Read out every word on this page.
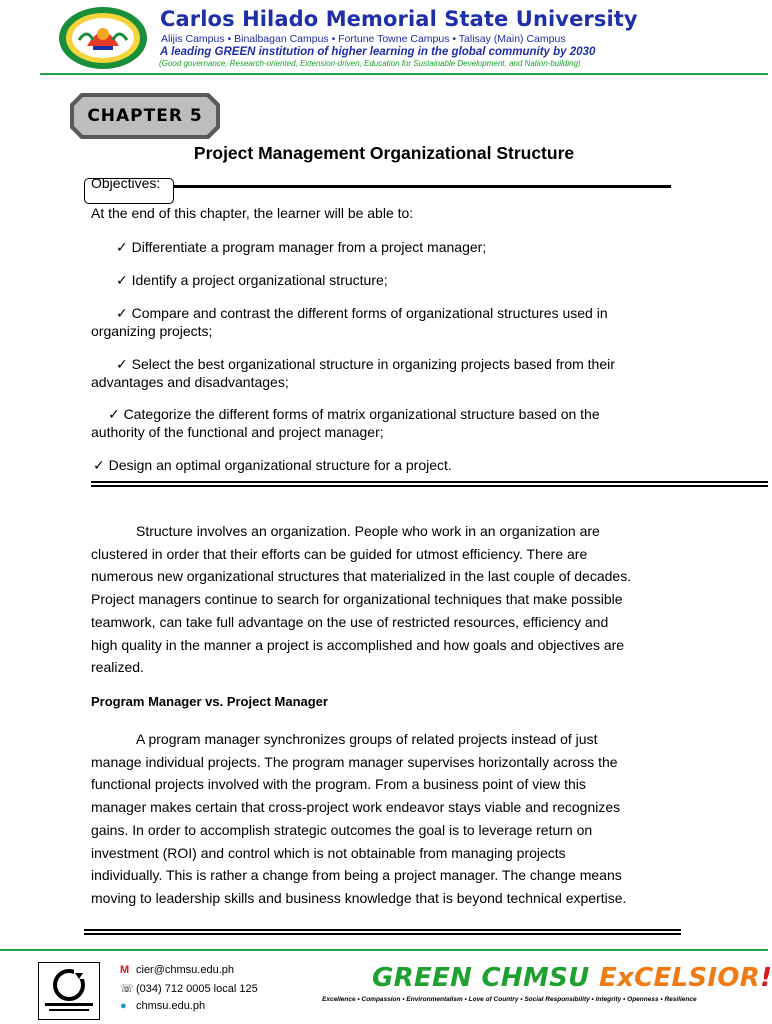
Carlos Hilado Memorial State University
Alijis Campus • Binalbagan Campus • Fortune Towne Campus • Talisay (Main) Campus
A leading GREEN institution of higher learning in the global community by 2030
(Good governance, Research-oriented, Extension-driven, Education for Sustainable Development, and Nation-building)
CHAPTER 5
Project Management Organizational Structure
Objectives:
At the end of this chapter, the learner will be able to:
✓ Differentiate a program manager from a project manager;
✓ Identify a project organizational structure;
✓ Compare and contrast the different forms of organizational structures used in
organizing projects;
✓ Select the best organizational structure in organizing projects based from their
advantages and disadvantages;
✓ Categorize the different forms of matrix organizational structure based on the
authority of the functional and project manager;
✓ Design an optimal organizational structure for a project.
Structure involves an organization. People who work in an organization are
clustered in order that their efforts can be guided for utmost efficiency. There are
numerous new organizational structures that materialized in the last couple of decades.
Project managers continue to search for organizational techniques that make possible
teamwork, can take full advantage on the use of restricted resources, efficiency and
high quality in the manner a project is accomplished and how goals and objectives are
realized.
Program Manager vs. Project Manager
A program manager synchronizes groups of related projects instead of just
manage individual projects. The program manager supervises horizontally across the
functional projects involved with the program. From a business point of view this
manager makes certain that cross-project work endeavor stays viable and recognizes
gains. In order to accomplish strategic outcomes the goal is to leverage return on
investment (ROI) and control which is not obtainable from managing projects
individually. This is rather a change from being a project manager. The change means
moving to leadership skills and business knowledge that is beyond technical expertise.
M cier@chmsu.edu.ph
☏ (034) 712 0005 local 125
● chmsu.edu.ph
GREEN CHMSU ExCELSIOR!
Excellence • Compassion • Environmentalism • Love of Country • Social Responsibility • Integrity • Openness • Resilience
